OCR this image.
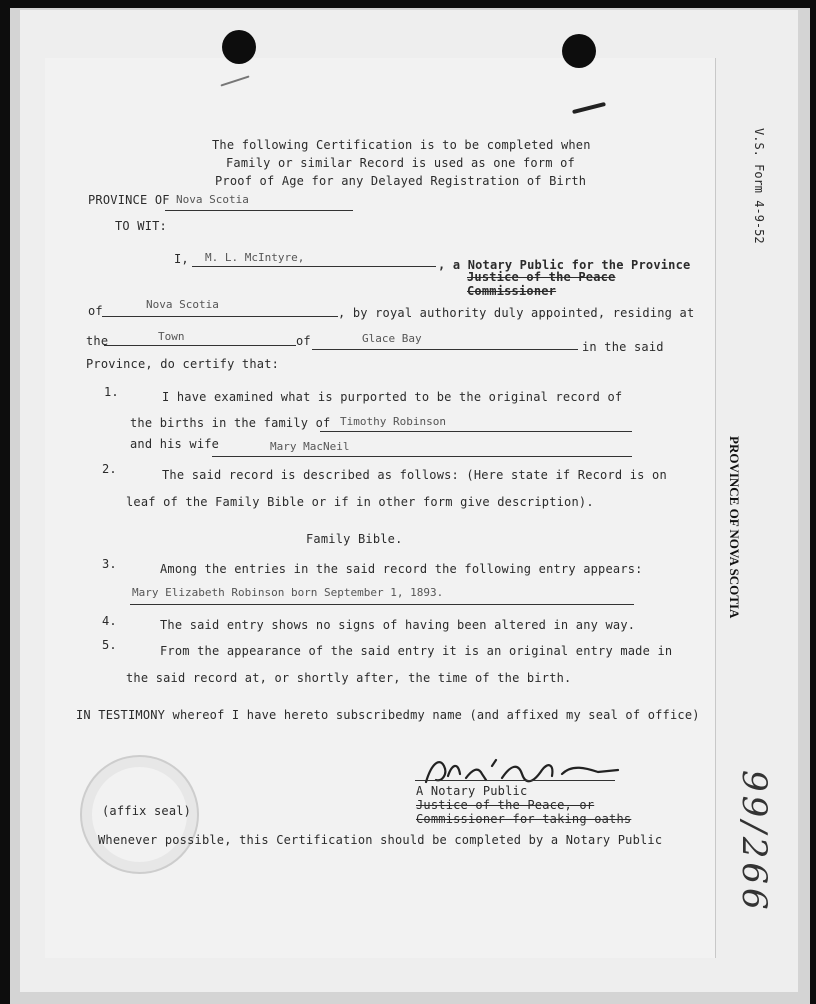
The following Certification is to be completed when
Family or similar Record is used as one form of
Proof of Age for any Delayed Registration of Birth
PROVINCE OF Nova Scotia
TO WIT:
I, M. L. McIntyre,
, a Notary Public for the Province
Justice of the Peace
Commissioner
of	Nova Scotia
, by royal authority duly appointed, residing at
the	Town	of	Glace Bay
in the said
Province, do certify that:
1.	I have examined what is purported to be the original record of
the births in the family of Timothy Robinson
and his wife	Mary MacNeil
2.	The said record is described as follows: (Here state if Record is on
leaf of the Family Bible or if in other form give description).
Family Bible.
3.	Among the entries in the said record the following entry appears:
Mary Elizabeth Robinson born September 1, 1893.
4.	The said entry shows no signs of having been altered in any way.
5.	From the appearance of the said entry it is an original entry made in
the said record at, or shortly after, the time of the birth.
IN TESTIMONY whereof I have hereto subscribedmy name (and affixed my seal of office)
A Notary Public
Justice of the Peace, or
Commissioner for taking oaths
(affix seal)
Whenever possible, this Certification should be completed by a Notary Public
V.S. Form 4-9-52
PROVINCE OF NOVA SCOTIA
99/266
